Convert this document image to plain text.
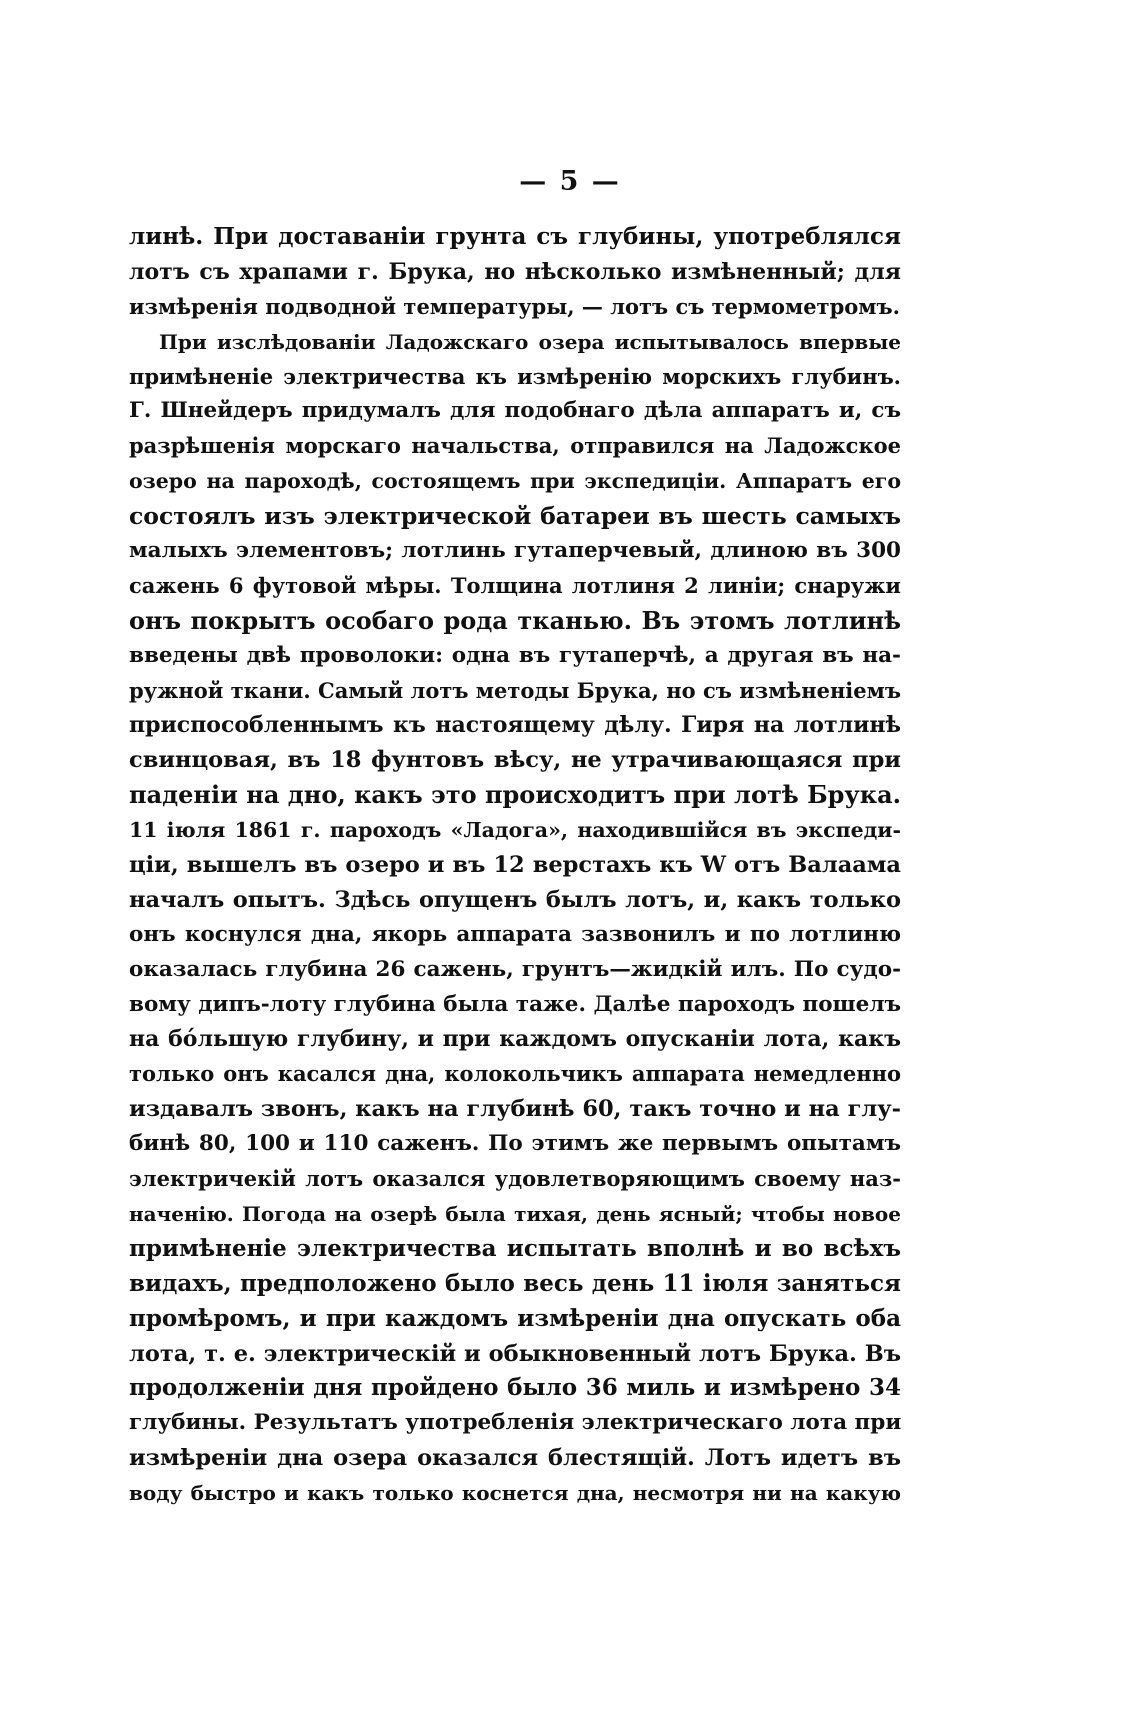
— 5 —
линѣ. При доставаніи грунта съ глубины, употреблялся
лотъ съ храпами г. Брука, но нѣсколько измѣненный; для
измѣренія подводной температуры, — лотъ съ термометромъ.
При изслѣдованіи Ладожскаго озера испытывалось впервые
примѣненіе электричества къ измѣренію морскихъ глубинъ.
Г. Шнейдеръ придумалъ для подобнаго дѣла аппаратъ и, съ
разрѣшенія морскаго начальства, отправился на Ладожское
озеро на пароходѣ, состоящемъ при экспедиціи. Аппаратъ его
состоялъ изъ электрической батареи въ шесть самыхъ
малыхъ элементовъ; лотлинь гутаперчевый, длиною въ 300
сажень 6 футовой мѣры. Толщина лотлиня 2 линіи; снаружи
онъ покрытъ особаго рода тканью. Въ этомъ лотлинѣ
введены двѣ проволоки: одна въ гутаперчѣ, а другая въ на-
ружной ткани. Самый лотъ методы Брука, но съ измѣненіемъ
приспособленнымъ къ настоящему дѣлу. Гиря на лотлинѣ
свинцовая, въ 18 фунтовъ вѣсу, не утрачивающаяся при
паденіи на дно, какъ это происходитъ при лотѣ Брука.
11 іюля 1861 г. пароходъ «Ладога», находившійся въ экспеди-
ціи, вышелъ въ озеро и въ 12 верстахъ къ W отъ Валаама
началъ опытъ. Здѣсь опущенъ былъ лотъ, и, какъ только
онъ коснулся дна, якорь аппарата зазвонилъ и по лотлиню
оказалась глубина 26 сажень, грунтъ—жидкій илъ. По судо-
вому дипъ-лоту глубина была таже. Далѣе пароходъ пошелъ
на бо́льшую глубину, и при каждомъ опусканіи лота, какъ
только онъ касался дна, колокольчикъ аппарата немедленно
издавалъ звонъ, какъ на глубинѣ 60, такъ точно и на глу-
бинѣ 80, 100 и 110 саженъ. По этимъ же первымъ опытамъ
электричекій лотъ оказался удовлетворяющимъ своему наз-
наченію. Погода на озерѣ была тихая, день ясный; чтобы новое
примѣненіе электричества испытать вполнѣ и во всѣхъ
видахъ, предположено было весь день 11 іюля заняться
промѣромъ, и при каждомъ измѣреніи дна опускать оба
лота, т. е. электрическій и обыкновенный лотъ Брука. Въ
продолженіи дня пройдено было 36 миль и измѣрено 34
глубины. Результатъ употребленія электрическаго лота при
измѣреніи дна озера оказался блестящій. Лотъ идетъ въ
воду быстро и какъ только коснется дна, несмотря ни на какую
